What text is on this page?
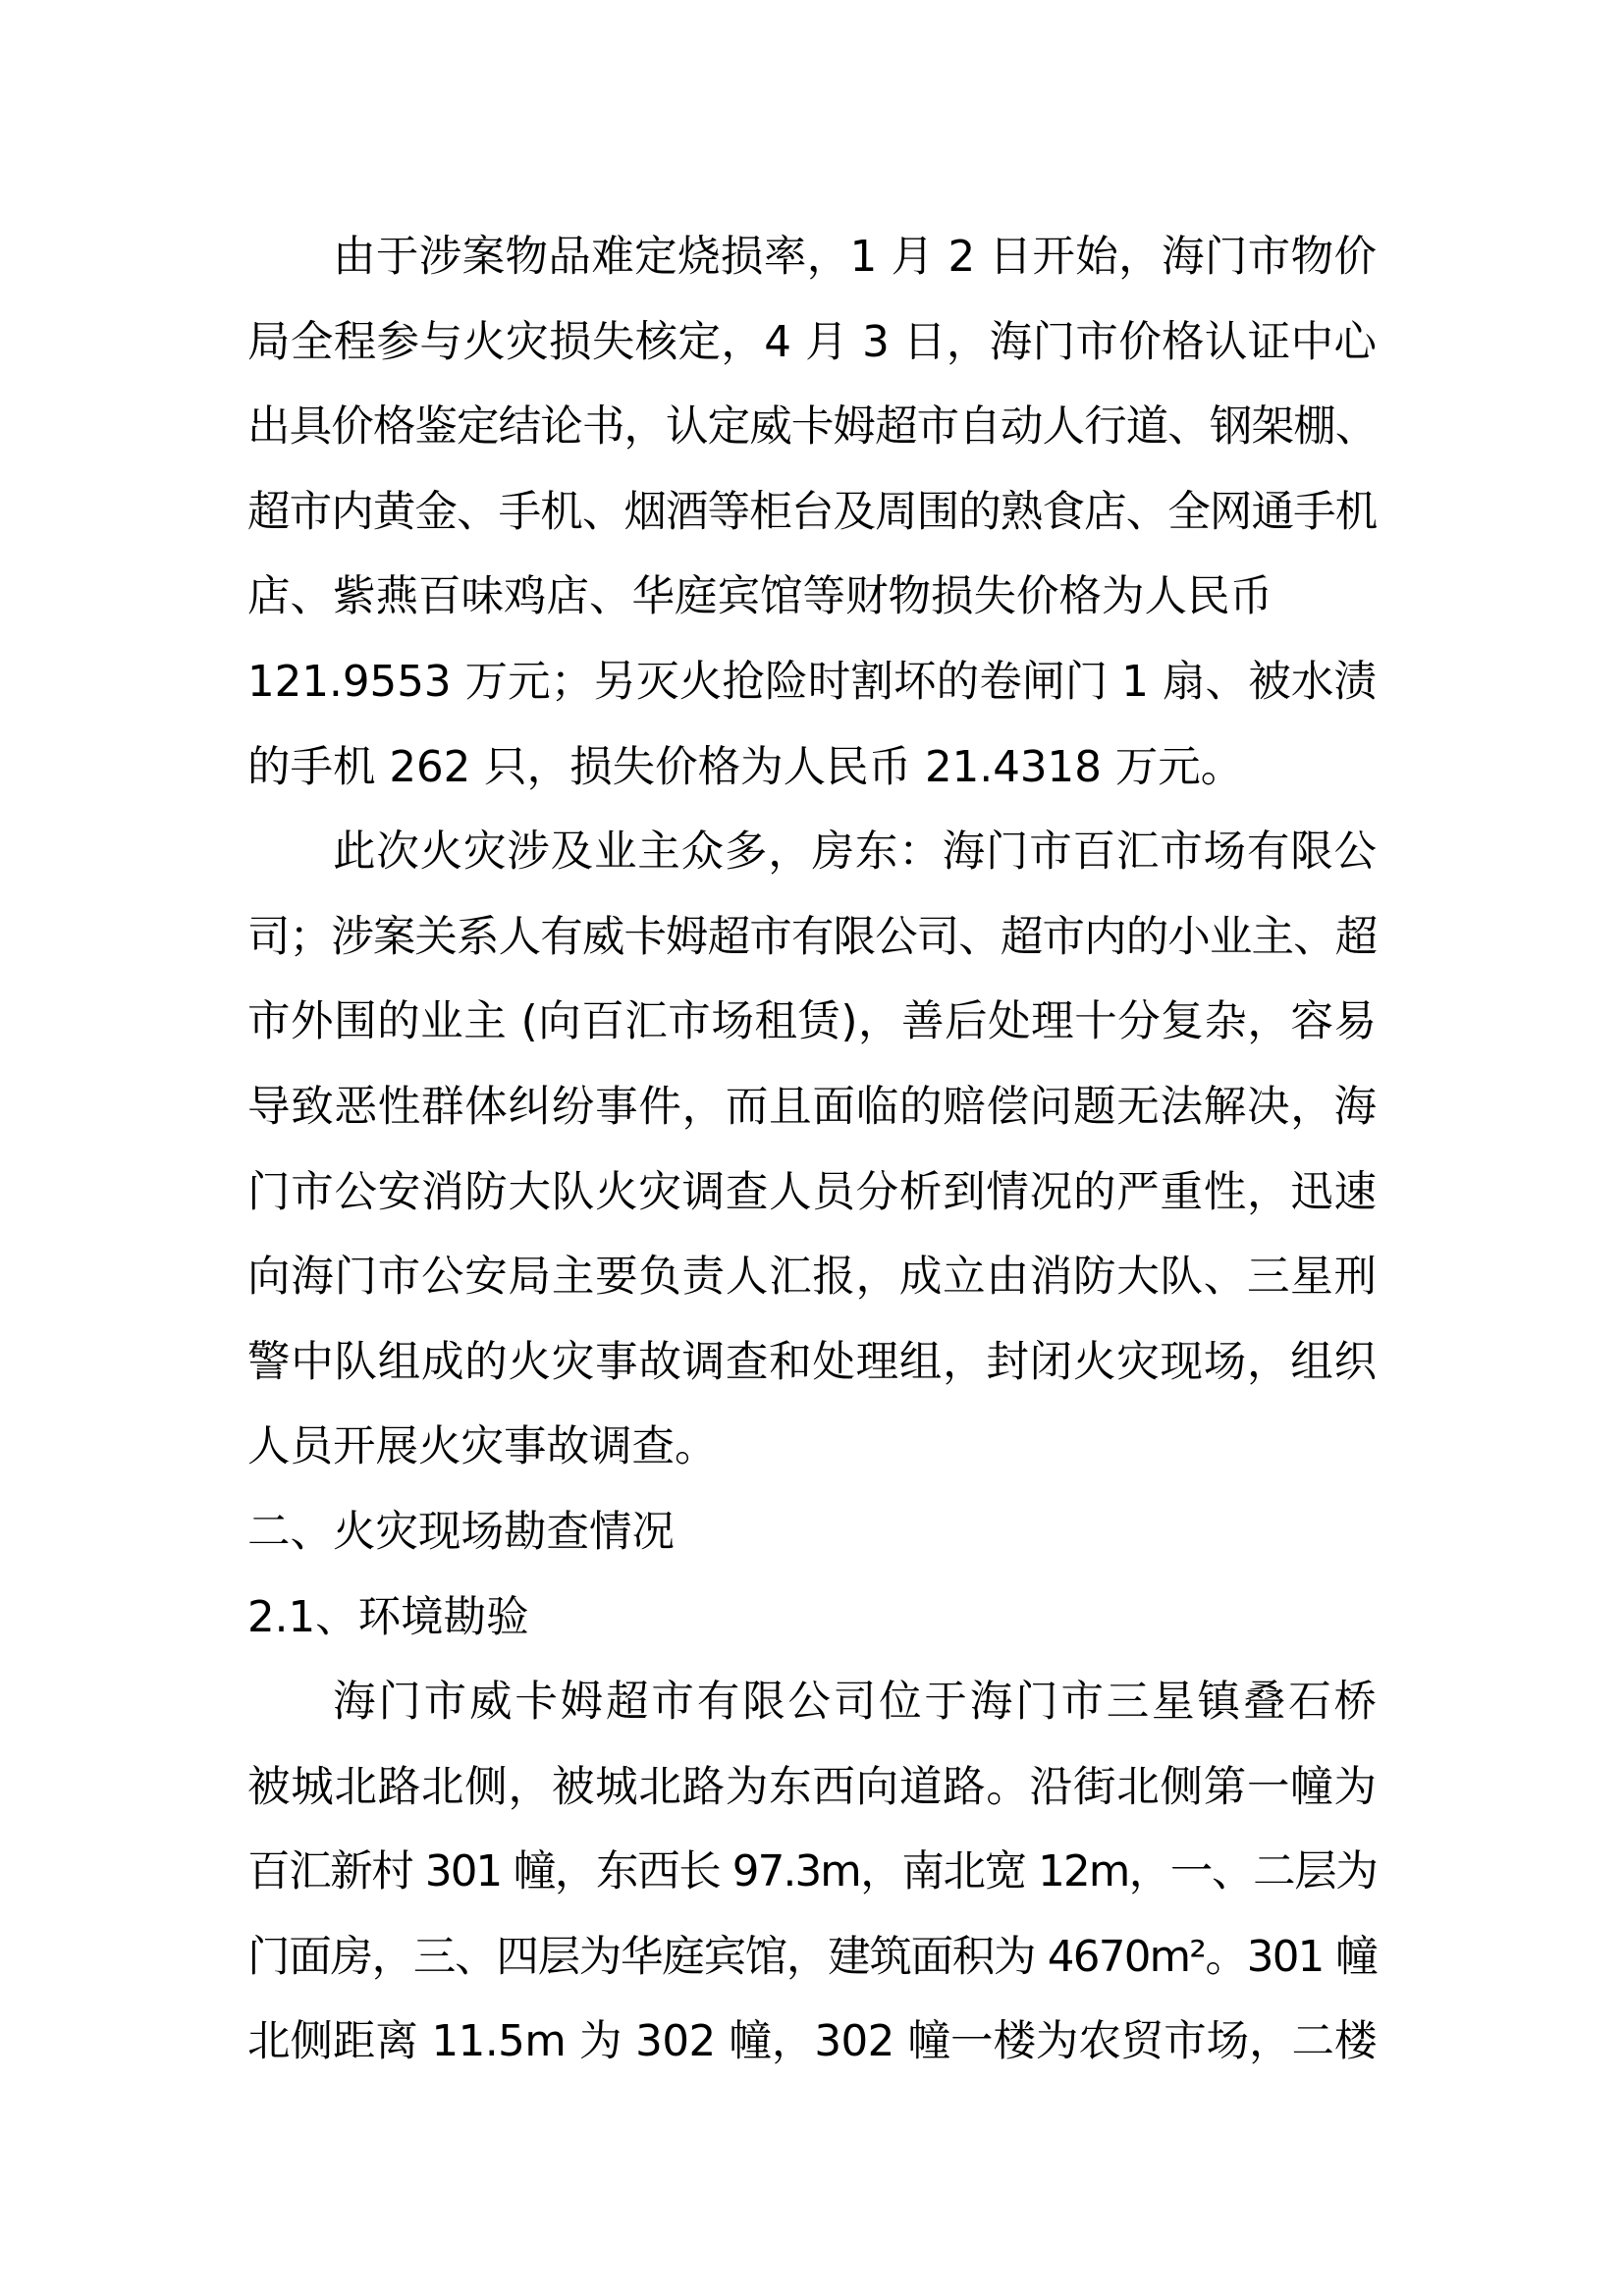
由于涉案物品难定烧损率，1 月 2 日开始，海门市物价
局全程参与火灾损失核定，4 月 3 日，海门市价格认证中心
出具价格鉴定结论书，认定威卡姆超市自动人行道、钢架棚、
超市内黄金、手机、烟酒等柜台及周围的熟食店、全网通手机
店、紫燕百味鸡店、华庭宾馆等财物损失价格为人民币
121.9553 万元；另灭火抢险时割坏的卷闸门 1 扇、被水渍
的手机 262 只，损失价格为人民币 21.4318 万元。
此次火灾涉及业主众多，房东：海门市百汇市场有限公
司；涉案关系人有威卡姆超市有限公司、超市内的小业主、超
市外围的业主 (向百汇市场租赁)，善后处理十分复杂，容易
导致恶性群体纠纷事件，而且面临的赔偿问题无法解决，海
门市公安消防大队火灾调查人员分析到情况的严重性，迅速
向海门市公安局主要负责人汇报，成立由消防大队、三星刑
警中队组成的火灾事故调查和处理组，封闭火灾现场，组织
人员开展火灾事故调查。
二、火灾现场勘查情况
2.1、环境勘验
海门市威卡姆超市有限公司位于海门市三星镇叠石桥
被城北路北侧，被城北路为东西向道路。沿街北侧第一幢为
百汇新村 301 幢，东西长 97.3m，南北宽 12m，一、二层为
门面房，三、四层为华庭宾馆，建筑面积为 4670m²。301 幢
北侧距离 11.5m 为 302 幢，302 幢一楼为农贸市场，二楼
